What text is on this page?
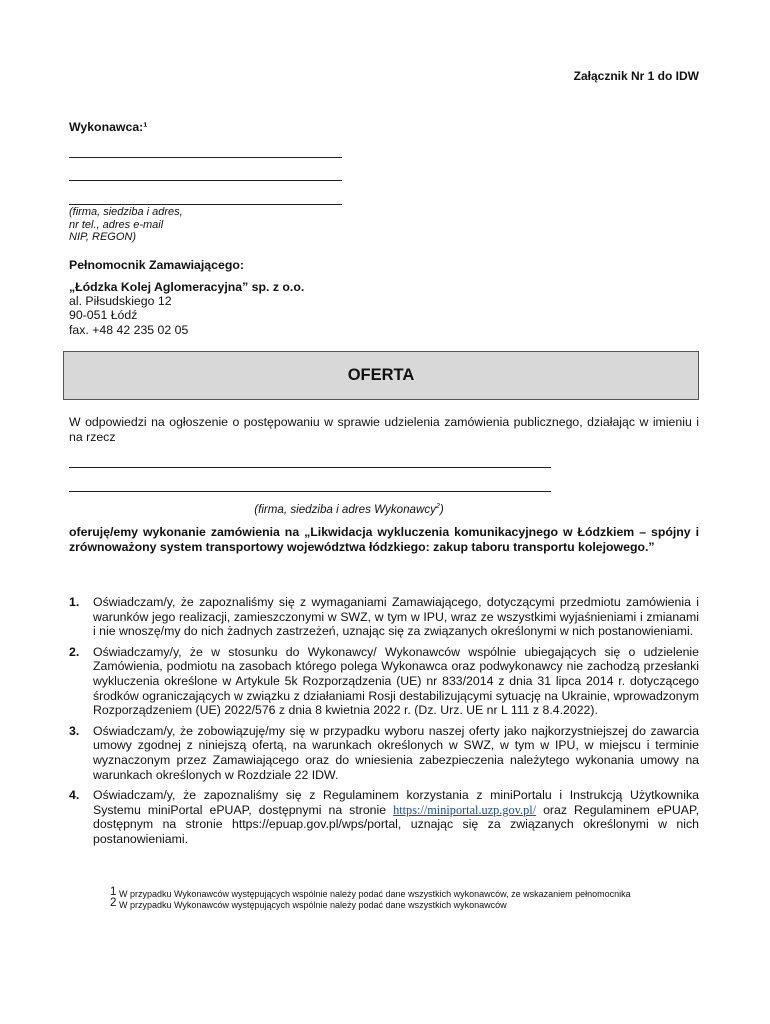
Załącznik Nr 1 do IDW
Wykonawca:¹
(firma, siedziba i adres,
nr tel., adres e-mail
NIP, REGON)
Pełnomocnik Zamawiającego:
„Łódzka Kolej Aglomeracyjna” sp. z o.o.
al. Piłsudskiego 12
90-051 Łódź
fax. +48 42 235 02 05
OFERTA
W odpowiedzi na ogłoszenie o postępowaniu w sprawie udzielenia zamówienia publicznego, działając w imieniu i na rzecz
(firma, siedziba i adres Wykonawcy$^2$)
oferuję/emy wykonanie zamówienia na „Likwidacja wykluczenia komunikacyjnego w Łódzkiem – spójny i zrównoważony system transportowy województwa łódzkiego: zakup taboru transportu kolejowego.”
1. Oświadczam/y, że zapoznaliśmy się z wymaganiami Zamawiającego, dotyczącymi przedmiotu zamówienia i warunków jego realizacji, zamieszczonymi w SWZ, w tym w IPU, wraz ze wszystkimi wyjaśnieniami i zmianami i nie wnoszę/my do nich żadnych zastrzeżeń, uznając się za związanych określonymi w nich postanowieniami.
2. Oświadczamy/y, że w stosunku do Wykonawcy/ Wykonawców wspólnie ubiegających się o udzielenie Zamówienia, podmiotu na zasobach którego polega Wykonawca oraz podwykonawcy nie zachodzą przesłanki wykluczenia określone w Artykule 5k Rozporządzenia (UE) nr 833/2014 z dnia 31 lipca 2014 r. dotyczącego środków ograniczających w związku z działaniami Rosji destabilizującymi sytuację na Ukrainie, wprowadzonym Rozporządzeniem (UE) 2022/576 z dnia 8 kwietnia 2022 r. (Dz. Urz. UE nr L 111 z 8.4.2022).
3. Oświadczam/y, że zobowiązuję/my się w przypadku wyboru naszej oferty jako najkorzystniejszej do zawarcia umowy zgodnej z niniejszą ofertą, na warunkach określonych w SWZ, w tym w IPU, w miejscu i terminie wyznaczonym przez Zamawiającego oraz do wniesienia zabezpieczenia należytego wykonania umowy na warunkach określonych w Rozdziale 22 IDW.
4. Oświadczam/y, że zapoznaliśmy się z Regulaminem korzystania z miniPortalu i Instrukcją Użytkownika Systemu miniPortal ePUAP, dostępnymi na stronie https://miniportal.uzp.gov.pl/ oraz Regulaminem ePUAP, dostępnym na stronie https://epuap.gov.pl/wps/portal, uznając się za związanych określonymi w nich postanowieniami.
1 W przypadku Wykonawców występujących wspólnie należy podać dane wszystkich wykonawców, ze wskazaniem pełnomocnika
2 W przypadku Wykonawców występujących wspólnie należy podać dane wszystkich wykonawców
